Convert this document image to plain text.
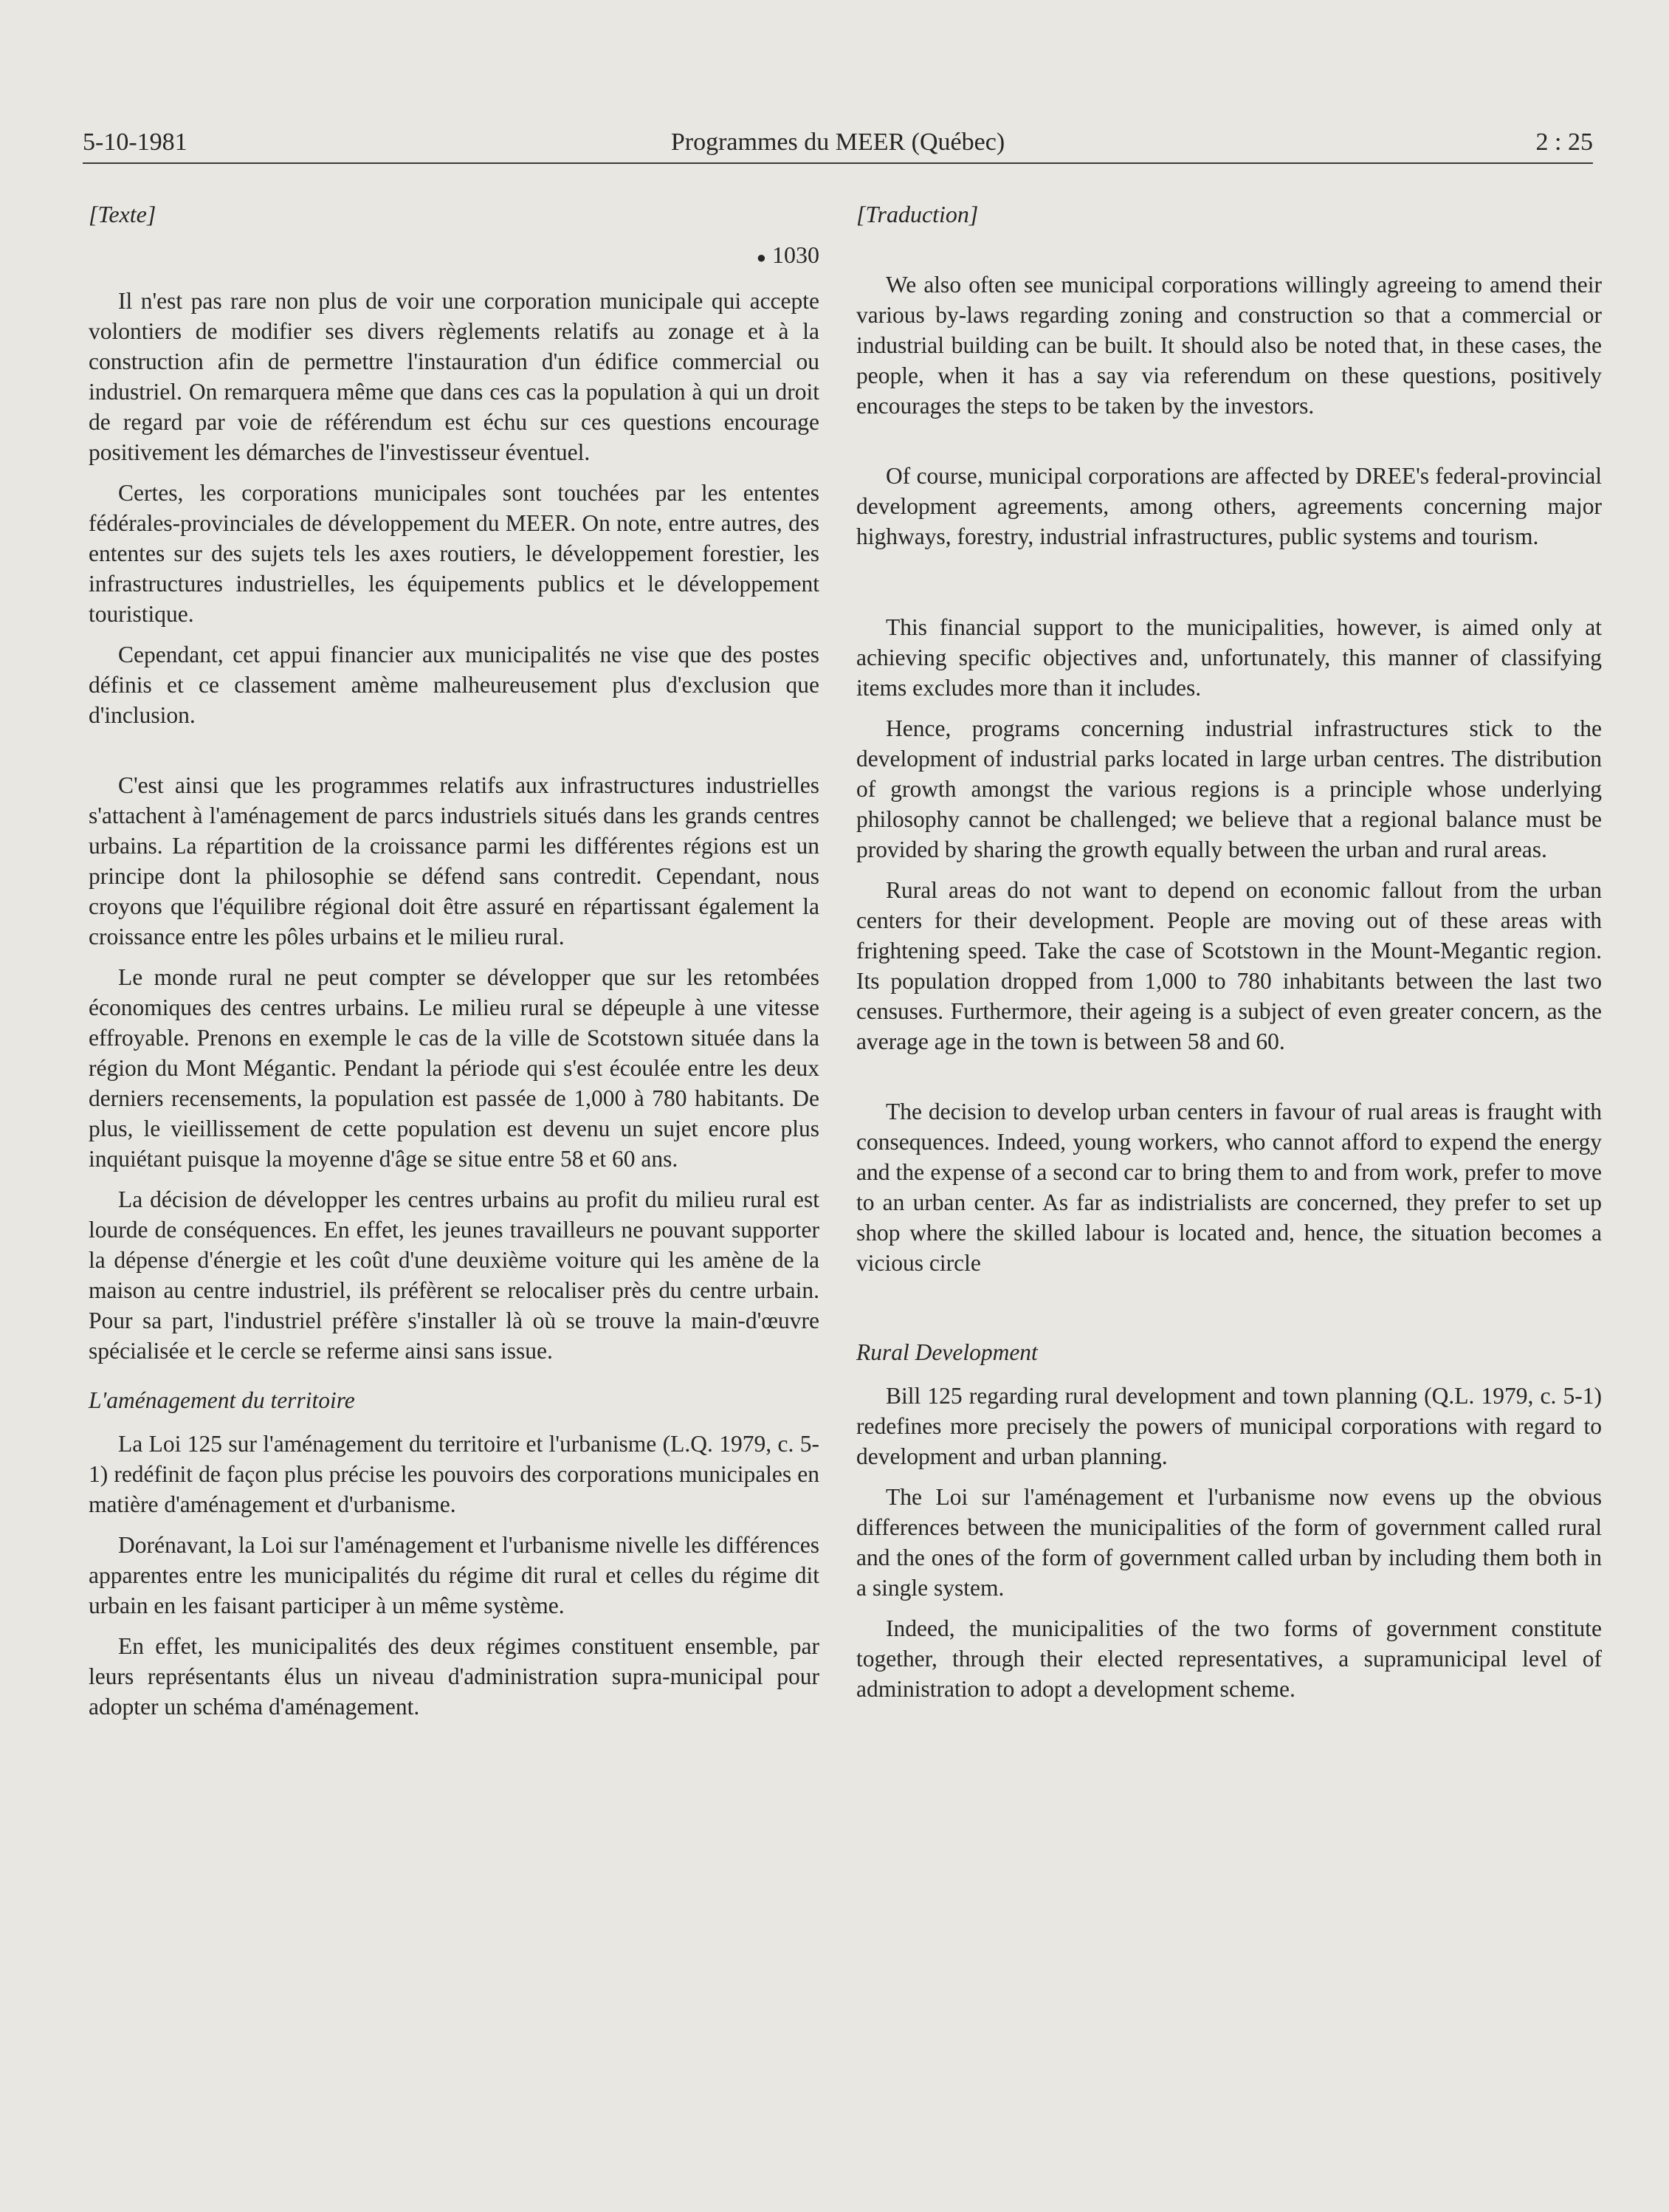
5-10-1981	Programmes du MEER (Québec)	2 : 25
[Texte]
● 1030

Il n'est pas rare non plus de voir une corporation municipale qui accepte volontiers de modifier ses divers règlements relatifs au zonage et à la construction afin de permettre l'instauration d'un édifice commercial ou industriel. On remarquera même que dans ces cas la population à qui un droit de regard par voie de référendum est échu sur ces questions encourage positivement les démarches de l'investisseur éventuel.

Certes, les corporations municipales sont touchées par les ententes fédérales-provinciales de développement du MEER. On note, entre autres, des ententes sur des sujets tels les axes routiers, le développement forestier, les infrastructures industrielles, les équipements publics et le développement touristique.

Cependant, cet appui financier aux municipalités ne vise que des postes définis et ce classement amème malheureusement plus d'exclusion que d'inclusion.

C'est ainsi que les programmes relatifs aux infrastructures industrielles s'attachent à l'aménagement de parcs industriels situés dans les grands centres urbains. La répartition de la croissance parmi les différentes régions est un principe dont la philosophie se défend sans contredit. Cependant, nous croyons que l'équilibre régional doit être assuré en répartissant également la croissance entre les pôles urbains et le milieu rural.

Le monde rural ne peut compter se développer que sur les retombées économiques des centres urbains. Le milieu rural se dépeuple à une vitesse effroyable. Prenons en exemple le cas de la ville de Scotstown située dans la région du Mont Mégantic. Pendant la période qui s'est écoulée entre les deux derniers recensements, la population est passée de 1,000 à 780 habitants. De plus, le vieillissement de cette population est devenu un sujet encore plus inquiétant puisque la moyenne d'âge se situe entre 58 et 60 ans.

La décision de développer les centres urbains au profit du milieu rural est lourde de conséquences. En effet, les jeunes travailleurs ne pouvant supporter la dépense d'énergie et les coût d'une deuxième voiture qui les amène de la maison au centre industriel, ils préfèrent se relocaliser près du centre urbain. Pour sa part, l'industriel préfère s'installer là où se trouve la main-d'œuvre spécialisée et le cercle se referme ainsi sans issue.

L'aménagement du territoire

La Loi 125 sur l'aménagement du territoire et l'urbanisme (L.Q. 1979, c. 5-1) redéfinit de façon plus précise les pouvoirs des corporations municipales en matière d'aménagement et d'urbanisme.

Dorénavant, la Loi sur l'aménagement et l'urbanisme nivelle les différences apparentes entre les municipalités du régime dit rural et celles du régime dit urbain en les faisant participer à un même système.

En effet, les municipalités des deux régimes constituent ensemble, par leurs représentants élus un niveau d'administration supra-municipal pour adopter un schéma d'aménagement.

[Traduction]

We also often see municipal corporations willingly agreeing to amend their various by-laws regarding zoning and construction so that a commercial or industrial building can be built. It should also be noted that, in these cases, the people, when it has a say via referendum on these questions, positively encourages the steps to be taken by the investors.

Of course, municipal corporations are affected by DREE's federal-provincial development agreements, among others, agreements concerning major highways, forestry, industrial infrastructures, public systems and tourism.

This financial support to the municipalities, however, is aimed only at achieving specific objectives and, unfortunately, this manner of classifying items excludes more than it includes.

Hence, programs concerning industrial infrastructures stick to the development of industrial parks located in large urban centres. The distribution of growth amongst the various regions is a principle whose underlying philosophy cannot be challenged; we believe that a regional balance must be provided by sharing the growth equally between the urban and rural areas.

Rural areas do not want to depend on economic fallout from the urban centers for their development. People are moving out of these areas with frightening speed. Take the case of Scotstown in the Mount-Megantic region. Its population dropped from 1,000 to 780 inhabitants between the last two censuses. Furthermore, their ageing is a subject of even greater concern, as the average age in the town is between 58 and 60.

The decision to develop urban centers in favour of rual areas is fraught with consequences. Indeed, young workers, who cannot afford to expend the energy and the expense of a second car to bring them to and from work, prefer to move to an urban center. As far as indistrialists are concerned, they prefer to set up shop where the skilled labour is located and, hence, the situation becomes a vicious circle

Rural Development

Bill 125 regarding rural development and town planning (Q.L. 1979, c. 5-1) redefines more precisely the powers of municipal corporations with regard to development and urban planning.

The Loi sur l'aménagement et l'urbanisme now evens up the obvious differences between the municipalities of the form of government called rural and the ones of the form of government called urban by including them both in a single system.

Indeed, the municipalities of the two forms of government constitute together, through their elected representatives, a supramunicipal level of administration to adopt a development scheme.
